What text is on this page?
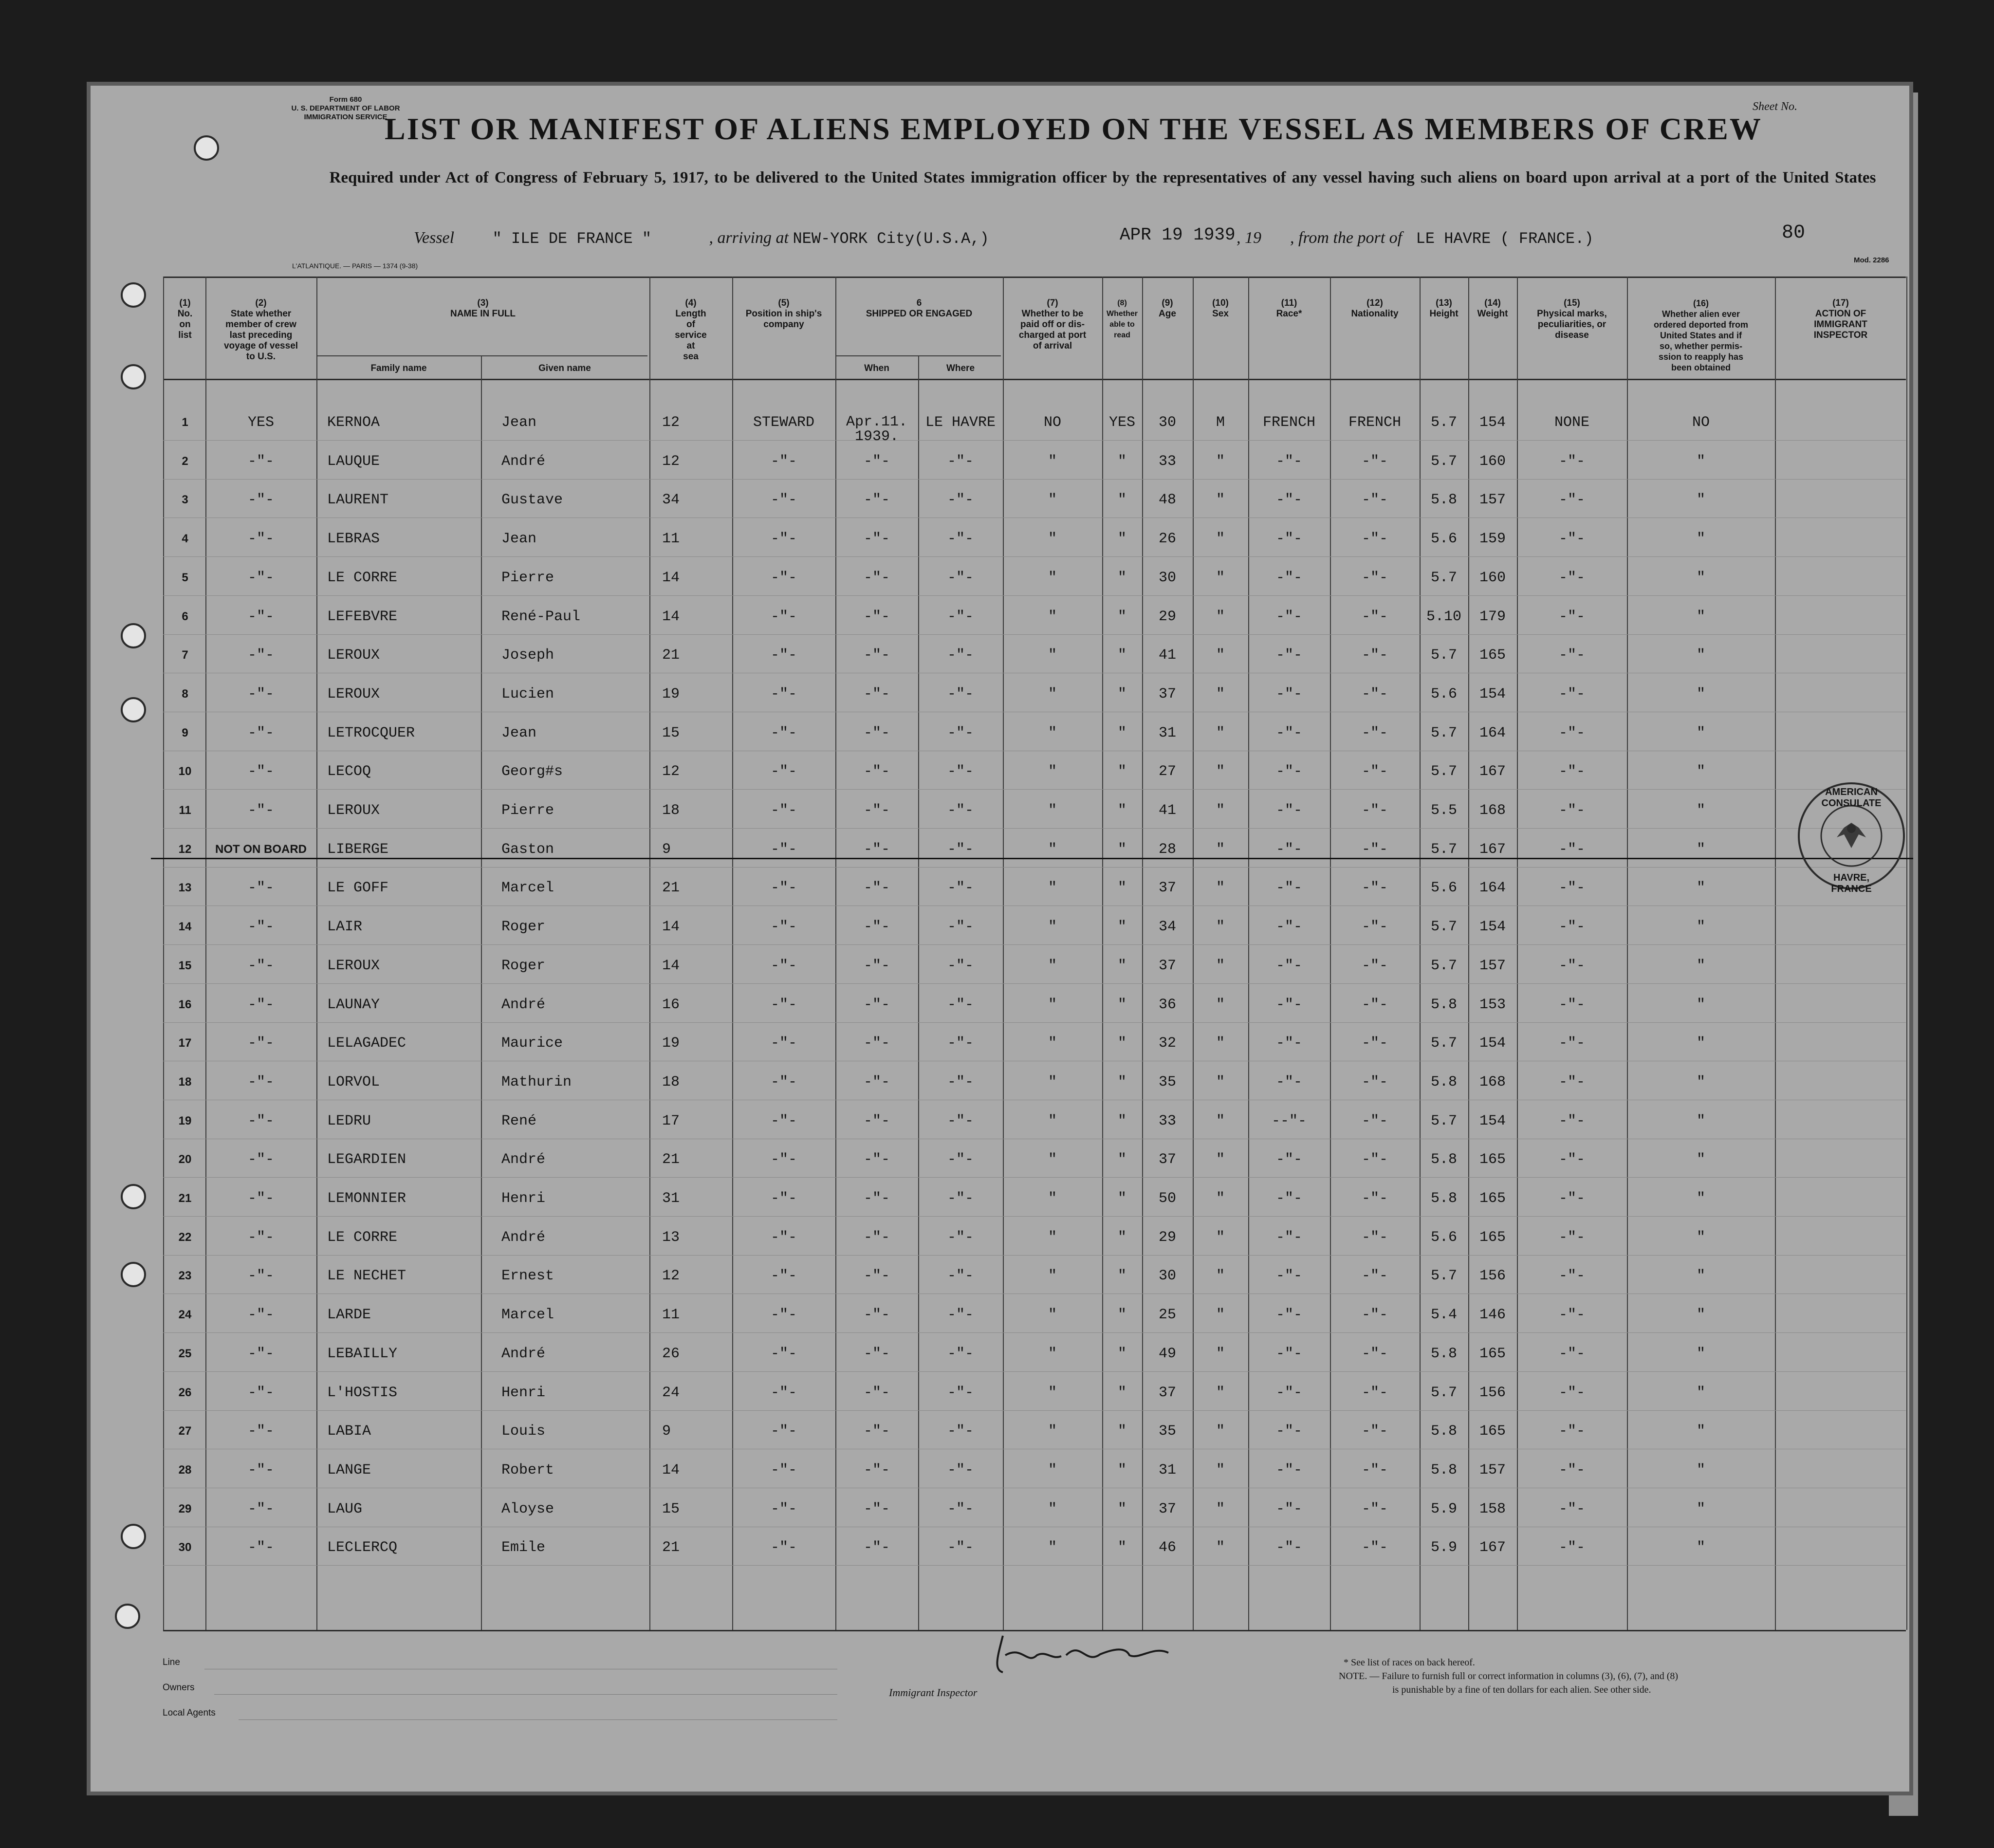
Form 680
U. S. DEPARTMENT OF LABOR
IMMIGRATION SERVICE
Sheet No.
LIST OR MANIFEST OF ALIENS EMPLOYED ON THE VESSEL AS MEMBERS OF CREW
Required under Act of Congress of February 5, 1917, to be delivered to the United States immigration officer by the representatives of any vessel having such aliens on board upon arrival at a port of the United States
Vessel " ILE DE FRANCE "	, arriving at NEW-YORK City(U.S.A,)	APR 19 1939 , 19 , from the port of LE HAVRE ( FRANCE.)	80
L'ATLANTIQUE. — PARIS — 1374 (9-38)
Mod. 2286
(1)
No.
on
list
(2)
State whether
member of crew
last preceding
voyage of vessel
to U.S.
(3)
NAME IN FULL
Family name	Given name
(4)
Length
of
service
at
sea
(5)
Position in ship's
company
6
SHIPPED OR ENGAGED
When	Where
(7)
Whether to be
paid off or dis-
charged at port
of arrival
(8)
Whether
able to
read
(9)
Age
(10)
Sex
(11)
Race*
(12)
Nationality
(13)
Height
(14)
Weight
(15)
Physical marks,
peculiarities, or
disease
(16)
Whether alien ever
ordered deported from
United States and if
so, whether permis-
ssion to reapply has
been obtained
(17)
ACTION OF
IMMIGRANT
INSPECTOR
1	YES	KERNOA	Jean	12	STEWARD	Apr.11.
1939.
LE HAVRE	NO	YES	30	M	FRENCH	FRENCH	5.7	154	NONE	NO
2	-"-	LAUQUE	André	12	-"-	-"-	-"-	"	"	33	"	-"-	-"-	5.7	160	-"-	"
3	-"-	LAURENT	Gustave	34	-"-	-"-	-"-	"	"	48	"	-"-	-"-	5.8	157	-"-	"
4	-"-	LEBRAS	Jean	11	-"-	-"-	-"-	"	"	26	"	-"-	-"-	5.6	159	-"-	"
5	-"-	LE CORRE	Pierre	14	-"-	-"-	-"-	"	"	30	"	-"-	-"-	5.7	160	-"-	"
6	-"-	LEFEBVRE	René-Paul	14	-"-	-"-	-"-	"	"	29	"	-"-	-"-	5.10	179	-"-	"
7	-"-	LEROUX	Joseph	21	-"-	-"-	-"-	"	"	41	"	-"-	-"-	5.7	165	-"-	"
8	-"-	LEROUX	Lucien	19	-"-	-"-	-"-	"	"	37	"	-"-	-"-	5.6	154	-"-	"
9	-"-	LETROCQUER	Jean	15	-"-	-"-	-"-	"	"	31	"	-"-	-"-	5.7	164	-"-	"
10	-"-	LECOQ	Georg#s	12	-"-	-"-	-"-	"	"	27	"	-"-	-"-	5.7	167	-"-	"
11	-"-	LEROUX	Pierre	18	-"-	-"-	-"-	"	"	41	"	-"-	-"-	5.5	168	-"-	"
12	NOT ON BOARD	LIBERGE	Gaston	9	-"-	-"-	-"-	"	"	28	"	-"-	-"-	5.7	167	-"-	"
13	-"-	LE GOFF	Marcel	21	-"-	-"-	-"-	"	"	37	"	-"-	-"-	5.6	164	-"-	"
14	-"-	LAIR	Roger	14	-"-	-"-	-"-	"	"	34	"	-"-	-"-	5.7	154	-"-	"
15	-"-	LEROUX	Roger	14	-"-	-"-	-"-	"	"	37	"	-"-	-"-	5.7	157	-"-	"
16	-"-	LAUNAY	André	16	-"-	-"-	-"-	"	"	36	"	-"-	-"-	5.8	153	-"-	"
17	-"-	LELAGADEC	Maurice	19	-"-	-"-	-"-	"	"	32	"	-"-	-"-	5.7	154	-"-	"
18	-"-	LORVOL	Mathurin	18	-"-	-"-	-"-	"	"	35	"	-"-	-"-	5.8	168	-"-	"
19	-"-	LEDRU	René	17	-"-	-"-	-"-	"	"	33	"	--"-	-"-	5.7	154	-"-	"
20	-"-	LEGARDIEN	André	21	-"-	-"-	-"-	"	"	37	"	-"-	-"-	5.8	165	-"-	"
21	-"-	LEMONNIER	Henri	31	-"-	-"-	-"-	"	"	50	"	-"-	-"-	5.8	165	-"-	"
22	-"-	LE CORRE	André	13	-"-	-"-	-"-	"	"	29	"	-"-	-"-	5.6	165	-"-	"
23	-"-	LE NECHET	Ernest	12	-"-	-"-	-"-	"	"	30	"	-"-	-"-	5.7	156	-"-	"
24	-"-	LARDE	Marcel	11	-"-	-"-	-"-	"	"	25	"	-"-	-"-	5.4	146	-"-	"
25	-"-	LEBAILLY	André	26	-"-	-"-	-"-	"	"	49	"	-"-	-"-	5.8	165	-"-	"
26	-"-	L'HOSTIS	Henri	24	-"-	-"-	-"-	"	"	37	"	-"-	-"-	5.7	156	-"-	"
27	-"-	LABIA	Louis	9	-"-	-"-	-"-	"	"	35	"	-"-	-"-	5.8	165	-"-	"
28	-"-	LANGE	Robert	14	-"-	-"-	-"-	"	"	31	"	-"-	-"-	5.8	157	-"-	"
29	-"-	LAUG	Aloyse	15	-"-	-"-	-"-	"	"	37	"	-"-	-"-	5.9	158	-"-	"
30	-"-	LECLERCQ	Emile	21	-"-	-"-	-"-	"	"	46	"	-"-	-"-	5.9	167	-"-	"
AMERICAN CONSULATE
HAVRE, FRANCE
Line
Owners
Local Agents
Immigrant Inspector
* See list of races on back hereof.
NOTE. — Failure to furnish full or correct information in columns (3), (6), (7), and (8)
is punishable by a fine of ten dollars for each alien. See other side.
